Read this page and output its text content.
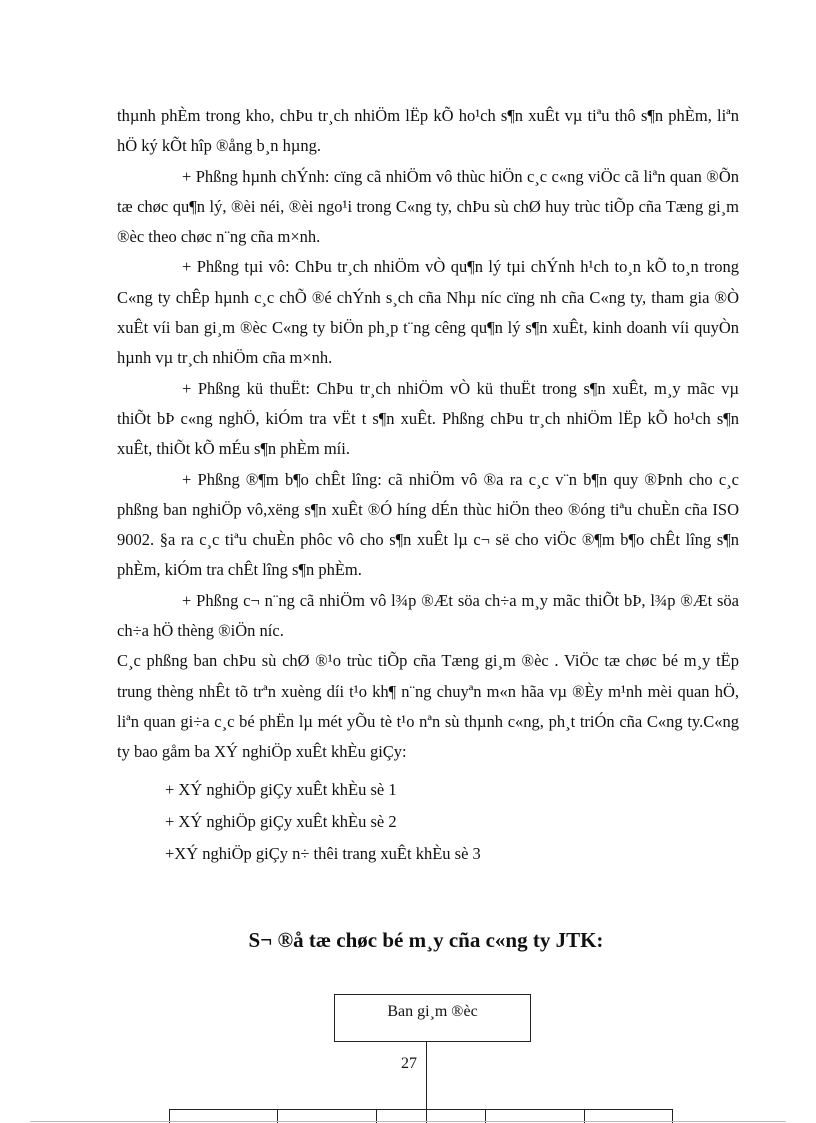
thµnh phÈm trong kho, chÞu tr¸ch nhiÖm lËp kÕ ho¹ch s¶n xuÊt vµ tiªu thô s¶n phÈm, liªn hÖ ký kÕt hîp ®ång b¸n hµng.

+ Phßng hµnh chÝnh: cïng cã nhiÖm vô thùc hiÖn c¸c c«ng viÖc cã liªn quan ®Õn tæ chøc qu¶n lý, ®èi néi, ®èi ngo¹i trong C«ng ty, chÞu sù chØ huy trùc tiÕp cña Tæng gi¸m ®èc theo chøc n¨ng cña m×nh.

+ Phßng tµi vô: ChÞu tr¸ch nhiÖm vÒ qu¶n lý tµi chÝnh h¹ch to¸n kÕ to¸n trong C«ng ty chÊp hµnh c¸c chÕ ®é chÝnh s¸ch cña Nhµ níc cïng nh cña C«ng ty, tham gia ®Ò xuÊt víi ban gi¸m ®èc C«ng ty biÖn ph¸p t¨ng cêng qu¶n lý s¶n xuÊt, kinh doanh víi quyÒn hµnh vµ tr¸ch nhiÖm cña m×nh.

+ Phßng kü thuËt: ChÞu tr¸ch nhiÖm vÒ kü thuËt trong s¶n xuÊt, m¸y mãc vµ thiÕt bÞ c«ng nghÖ, kiÓm tra vËt t s¶n xuÊt. Phßng chÞu tr¸ch nhiÖm lËp kÕ ho¹ch s¶n xuÊt, thiÕt kÕ mÉu s¶n phÈm míi.

+ Phßng ®¶m b¶o chÊt lîng: cã nhiÖm vô ®a ra c¸c v¨n b¶n quy ®Þnh cho c¸c phßng ban nghiÖp vô,xëng s¶n xuÊt ®Ó híng dÉn thùc hiÖn theo ®óng tiªu chuÈn cña ISO 9002. §a ra c¸c tiªu chuÈn phôc vô cho s¶n xuÊt lµ c¬ së cho viÖc ®¶m b¶o chÊt lîng s¶n phÈm, kiÓm tra chÊt lîng s¶n phÈm.

+ Phßng c¬ n¨ng cã nhiÖm vô l¾p ®Æt söa ch÷a m¸y mãc thiÕt bÞ, l¾p ®Æt söa ch÷a hÖ thèng ®iÖn níc.

C¸c phßng ban chÞu sù chØ ®¹o trùc tiÕp cña Tæng gi¸m ®èc . ViÖc tæ chøc bé m¸y tËp trung thèng nhÊt tõ trªn xuèng díi t¹o kh¶ n¨ng chuyªn m«n hãa vµ ®Èy m¹nh mèi quan hÖ, liªn quan gi÷a c¸c bé phËn lµ mét yÕu tè t¹o nªn sù thµnh c«ng, ph¸t triÓn cña C«ng ty.C«ng ty bao gåm ba XÝ nghiÖp xuÊt khÈu giÇy:

+ XÝ nghiÖp giÇy xuÊt khÈu sè 1

+ XÝ nghiÖp giÇy xuÊt khÈu sè 2

+XÝ nghiÖp giÇy n÷ thêi trang xuÊt khÈu sè 3

S¬ ®å tæ chøc bé m¸y cña c«ng ty JTK:
Ban gi¸m ®èc
27
